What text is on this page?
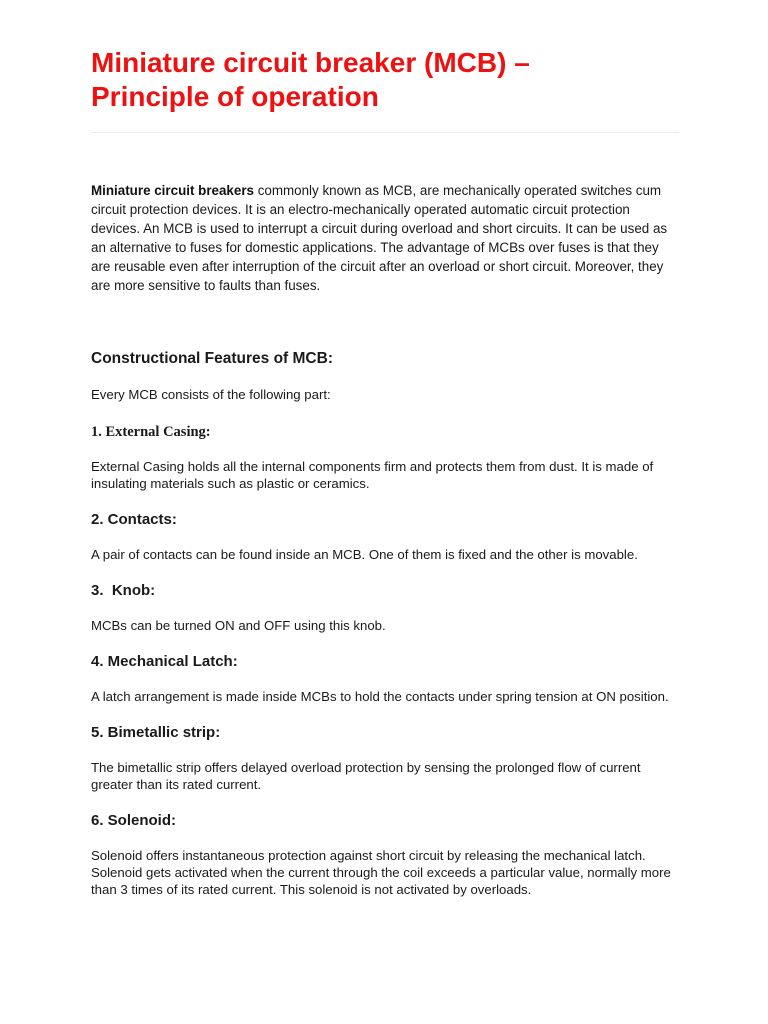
Miniature circuit breaker (MCB) –
Principle of operation

Miniature circuit breakers commonly known as MCB, are mechanically operated switches cum circuit protection devices. It is an electro-mechanically operated automatic circuit protection devices. An MCB is used to interrupt a circuit during overload and short circuits. It can be used as an alternative to fuses for domestic applications. The advantage of MCBs over fuses is that they are reusable even after interruption of the circuit after an overload or short circuit. Moreover, they are more sensitive to faults than fuses.

Constructional Features of MCB:

Every MCB consists of the following part:

1. External Casing:

External Casing holds all the internal components firm and protects them from dust. It is made of insulating materials such as plastic or ceramics.

2. Contacts:

A pair of contacts can be found inside an MCB. One of them is fixed and the other is movable.

3.  Knob:

MCBs can be turned ON and OFF using this knob.

4. Mechanical Latch:

A latch arrangement is made inside MCBs to hold the contacts under spring tension at ON position.

5. Bimetallic strip:

The bimetallic strip offers delayed overload protection by sensing the prolonged flow of current greater than its rated current.

6. Solenoid:

Solenoid offers instantaneous protection against short circuit by releasing the mechanical latch. Solenoid gets activated when the current through the coil exceeds a particular value, normally more than 3 times of its rated current. This solenoid is not activated by overloads.
